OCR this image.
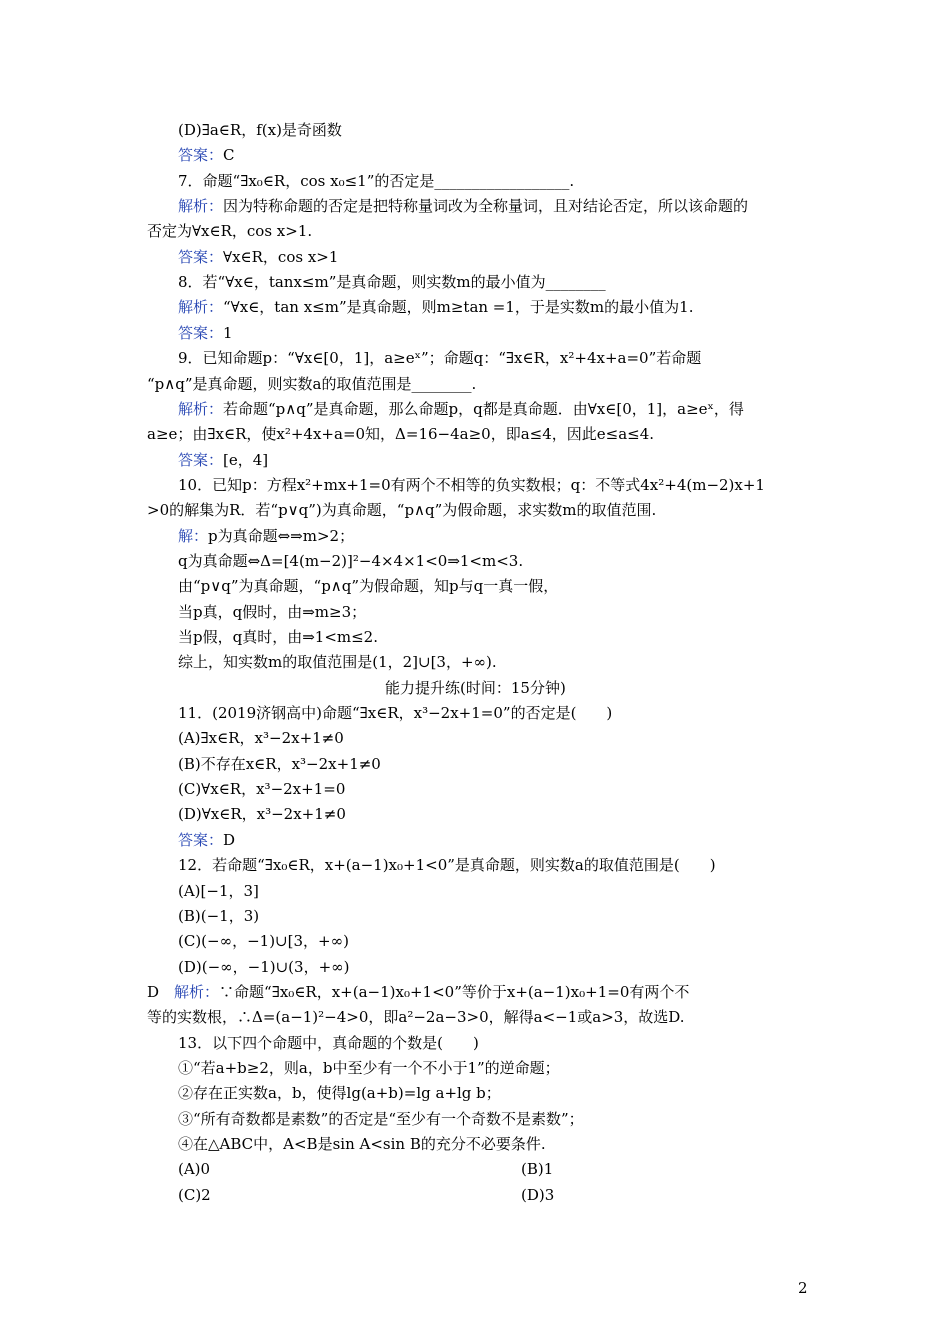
(D)∃a∈R，f(x)是奇函数
答案：C
7．命题“∃x₀∈R，cos x₀≤1”的否定是__________________.
解析：因为特称命题的否定是把特称量词改为全称量词，且对结论否定，所以该命题的
否定为∀x∈R，cos x>1.
答案：∀x∈R，cos x>1
8．若“∀x∈，tanx≤m”是真命题，则实数m的最小值为________
解析：“∀x∈，tan x≤m”是真命题，则m≥tan =1，于是实数m的最小值为1.
答案：1
9．已知命题p：“∀x∈[0，1]，a≥eˣ”；命题q：“∃x∈R，x²+4x+a=0”若命题
“p∧q”是真命题，则实数a的取值范围是________.
解析：若命题“p∧q”是真命题，那么命题p，q都是真命题．由∀x∈[0，1]，a≥eˣ，得
a≥e；由∃x∈R，使x²+4x+a=0知，Δ=16−4a≥0，即a≤4，因此e≤a≤4.
答案：[e，4]
10．已知p：方程x²+mx+1=0有两个不相等的负实数根；q：不等式4x²+4(m−2)x+1
>0的解集为R．若“p∨q”)为真命题，“p∧q”为假命题，求实数m的取值范围.
解：p为真命题⇔⇒m>2；
q为真命题⇔Δ=[4(m−2)]²−4×4×1<0⇒1<m<3.
由“p∨q”为真命题，“p∧q”为假命题，知p与q一真一假，
当p真，q假时，由⇒m≥3；
当p假，q真时，由⇒1<m≤2.
综上，知实数m的取值范围是(1，2]∪[3，+∞).
能力提升练(时间：15分钟)
11．(2019济钢高中)命题“∃x∈R，x³−2x+1=0”的否定是(　　)
(A)∃x∈R，x³−2x+1≠0
(B)不存在x∈R，x³−2x+1≠0
(C)∀x∈R，x³−2x+1=0
(D)∀x∈R，x³−2x+1≠0
答案：D
12．若命题“∃x₀∈R，x+(a−1)x₀+1<0”是真命题，则实数a的取值范围是(　　)
(A)[−1，3]
(B)(−1，3)
(C)(−∞，−1)∪[3，+∞)
(D)(−∞，−1)∪(3，+∞)
D　解析：∵命题“∃x₀∈R，x+(a−1)x₀+1<0”等价于x+(a−1)x₀+1=0有两个不
等的实数根，∴Δ=(a−1)²−4>0，即a²−2a−3>0，解得a<−1或a>3，故选D.
13．以下四个命题中，真命题的个数是(　　)
①“若a+b≥2，则a，b中至少有一个不小于1”的逆命题；
②存在正实数a，b，使得lg(a+b)=lg a+lg b；
③“所有奇数都是素数”的否定是“至少有一个奇数不是素数”；
④在△ABC中，A<B是sin A<sin B的充分不必要条件.
(A)0	(B)1
(C)2	(D)3
2
